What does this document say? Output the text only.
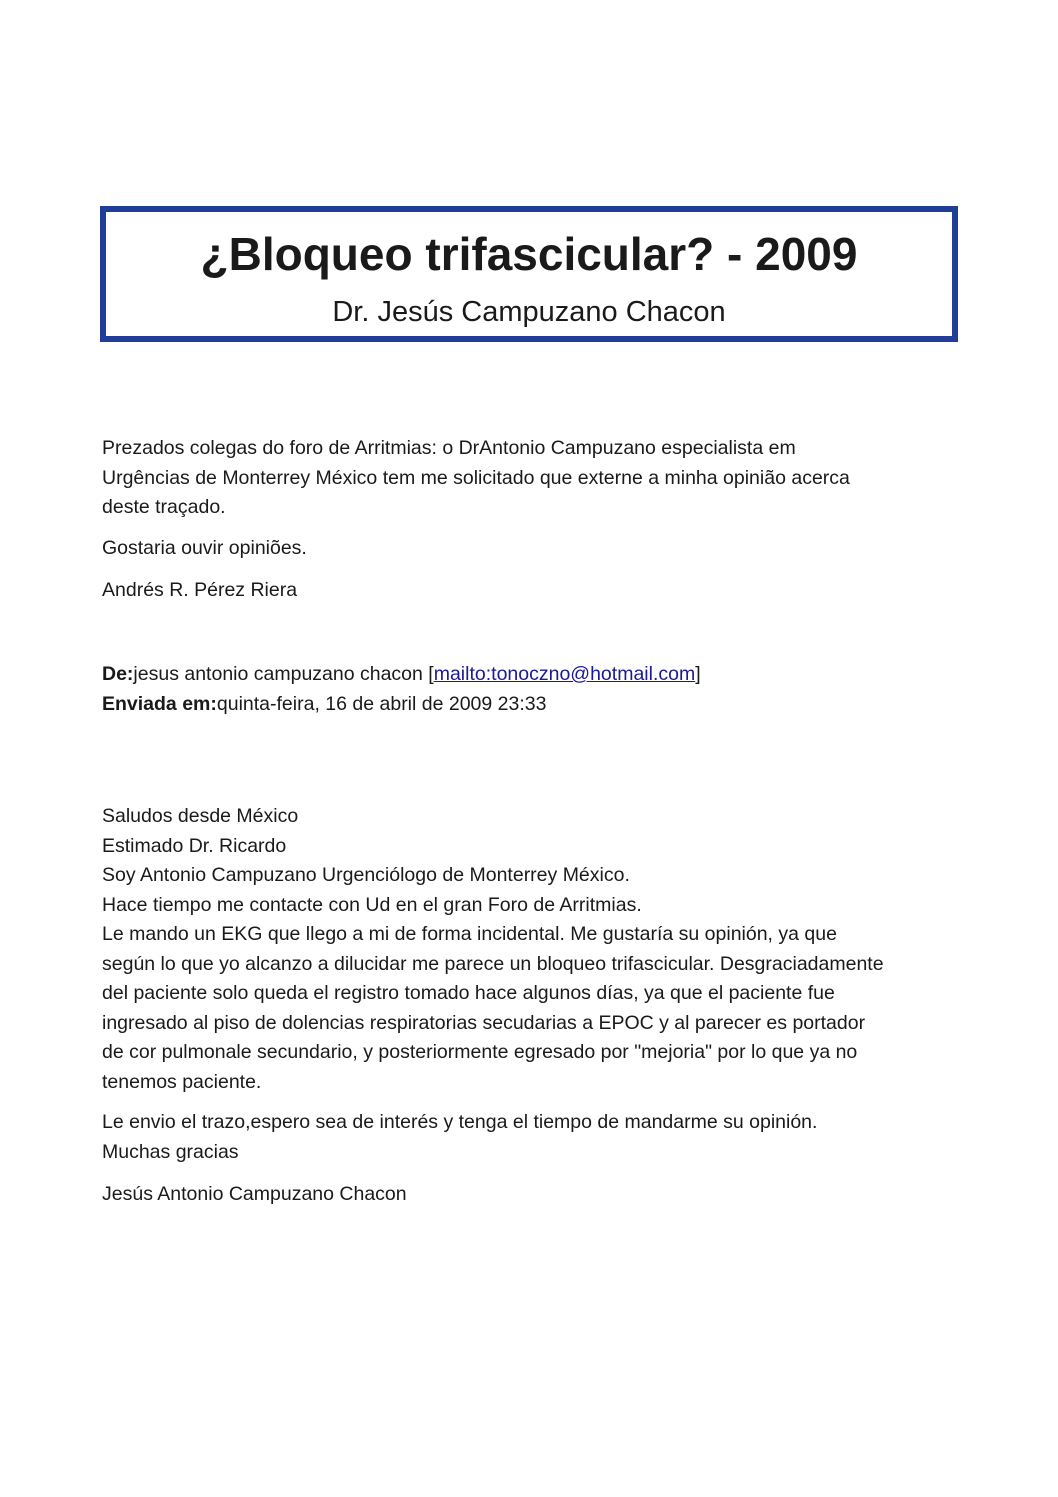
¿Bloqueo trifascicular? - 2009
Dr. Jesús Campuzano Chacon

Prezados colegas do foro de Arritmias: o DrAntonio Campuzano especialista em

Urgências de Monterrey México tem me solicitado que externe a minha opinião acerca

deste traçado.

Gostaria ouvir opiniões.

Andrés R. Pérez Riera

De:jesus antonio campuzano chacon [mailto:tonoczno@hotmail.com]

Enviada em:quinta-feira, 16 de abril de 2009 23:33

Saludos desde México

Estimado Dr. Ricardo

Soy Antonio Campuzano Urgenciólogo de Monterrey México.

Hace tiempo me contacte con Ud en el gran Foro de Arritmias.

Le mando un EKG que llego a mi de forma incidental. Me gustaría su opinión, ya que

según lo que yo alcanzo a dilucidar me parece un bloqueo trifascicular. Desgraciadamente

del paciente solo queda el registro tomado hace algunos días, ya que el paciente fue

ingresado al piso de dolencias respiratorias secudarias a EPOC y al parecer es portador

de cor pulmonale secundario, y posteriormente egresado por "mejoria" por lo que ya no

tenemos paciente.

Le envio el trazo,espero sea de interés y tenga el tiempo de mandarme su opinión.

Muchas gracias

Jesús Antonio Campuzano Chacon
